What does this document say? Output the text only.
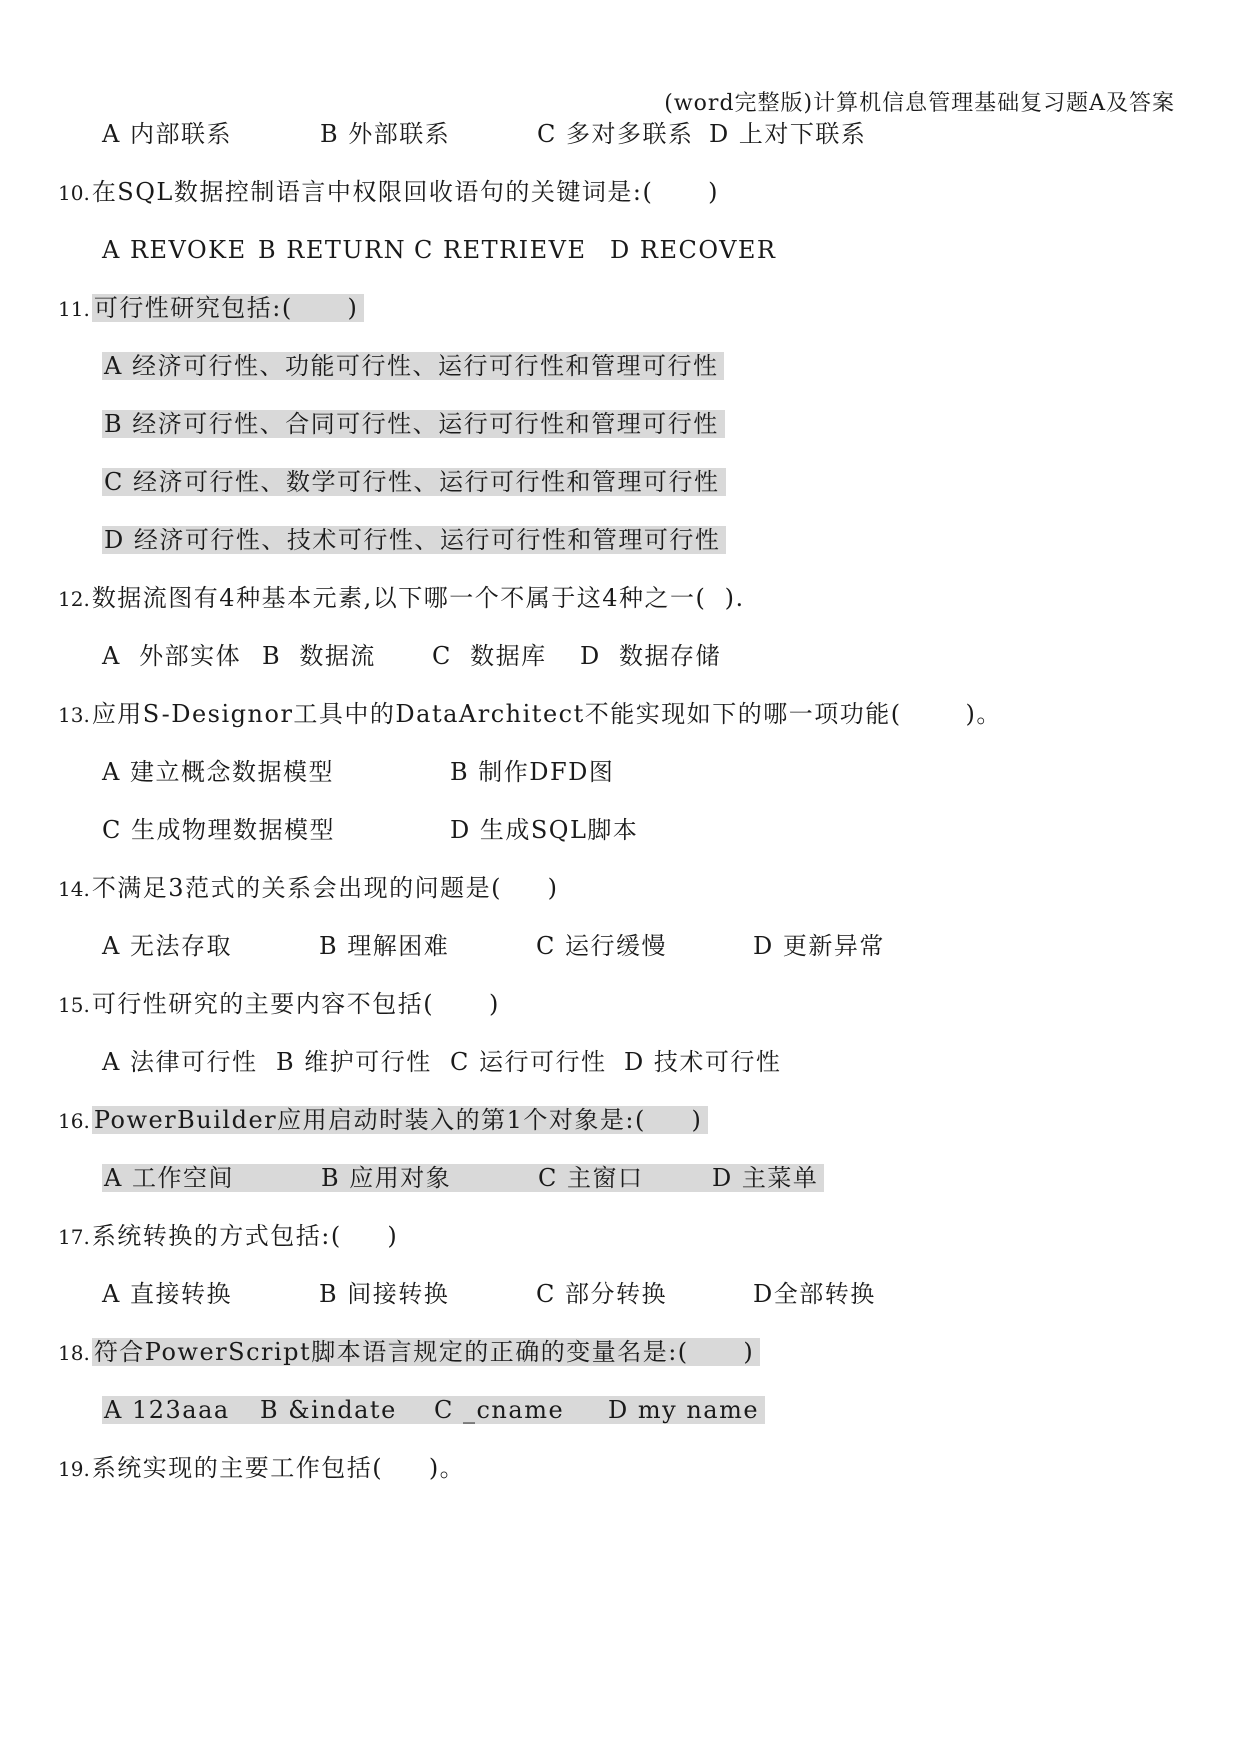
(word完整版)计算机信息管理基础复习题A及答案
A 内部联系	B 外部联系	C 多对多联系 D 上对下联系
10.在SQL数据控制语言中权限回收语句的关键词是:(      )
A REVOKE B RETURN C RETRIEVE D RECOVER
11. 可行性研究包括:(      )
A 经济可行性、功能可行性、运行可行性和管理可行性
B 经济可行性、合同可行性、运行可行性和管理可行性
C 经济可行性、数学可行性、运行可行性和管理可行性
D 经济可行性、技术可行性、运行可行性和管理可行性
12.数据流图有4种基本元素,以下哪一个不属于这4种之一(  ).
A  外部实体 B  数据流 C  数据库 D  数据存储
13.应用S-Designor工具中的DataArchitect不能实现如下的哪一项功能(       )。
A 建立概念数据模型	B 制作DFD图
C 生成物理数据模型	D 生成SQL脚本
14.不满足3范式的关系会出现的问题是(     )
A 无法存取	B 理解困难	C 运行缓慢	D 更新异常
15.可行性研究的主要内容不包括(      )
A 法律可行性 B 维护可行性 C 运行可行性 D 技术可行性
16. PowerBuilder应用启动时装入的第1个对象是:(     )
A 工作空间	B 应用对象	C 主窗口	D 主菜单
17.系统转换的方式包括:(     )
A 直接转换	B 间接转换	C 部分转换	D全部转换
18. 符合PowerScript脚本语言规定的正确的变量名是:(      )
A 123aaa B &indate C _cname D my name
19.系统实现的主要工作包括(     )。
